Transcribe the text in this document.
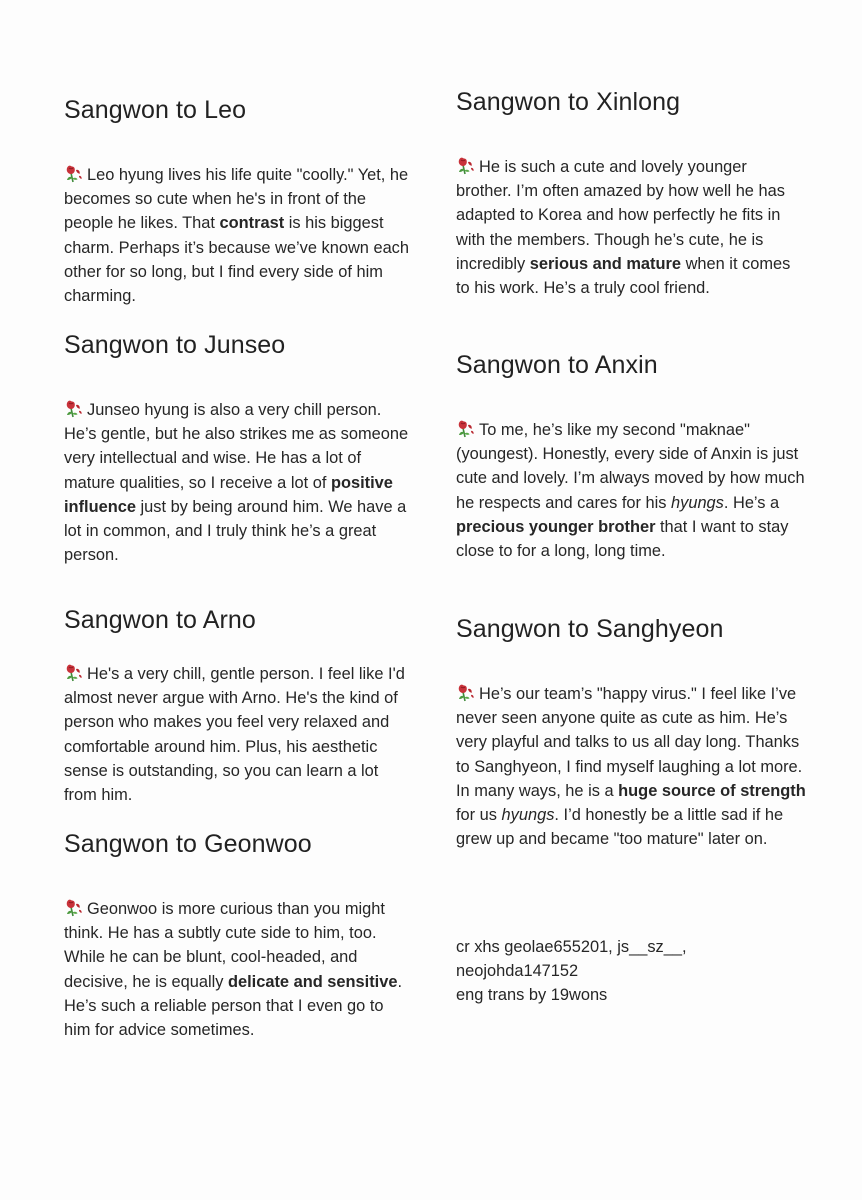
Sangwon to Leo

Leo hyung lives his life quite "coolly." Yet, he becomes so cute when he's in front of the people he likes. That contrast is his biggest charm. Perhaps it’s because we’ve known each other for so long, but I find every side of him charming.

Sangwon to Junseo

Junseo hyung is also a very chill person. He’s gentle, but he also strikes me as someone very intellectual and wise. He has a lot of mature qualities, so I receive a lot of positive influence just by being around him. We have a lot in common, and I truly think he’s a great person.

Sangwon to Arno

He's a very chill, gentle person. I feel like I'd almost never argue with Arno. He's the kind of person who makes you feel very relaxed and comfortable around him. Plus, his aesthetic sense is outstanding, so you can learn a lot from him.

Sangwon to Geonwoo

Geonwoo is more curious than you might think. He has a subtly cute side to him, too. While he can be blunt, cool-headed, and decisive, he is equally delicate and sensitive. He’s such a reliable person that I even go to him for advice sometimes.

Sangwon to Xinlong

He is such a cute and lovely younger brother. I’m often amazed by how well he has adapted to Korea and how perfectly he fits in with the members. Though he’s cute, he is incredibly serious and mature when it comes to his work. He’s a truly cool friend.

Sangwon to Anxin

To me, he’s like my second "maknae" (youngest). Honestly, every side of Anxin is just cute and lovely. I’m always moved by how much he respects and cares for his hyungs. He’s a precious younger brother that I want to stay close to for a long, long time.

Sangwon to Sanghyeon

He’s our team’s "happy virus." I feel like I’ve never seen anyone quite as cute as him. He’s very playful and talks to us all day long. Thanks to Sanghyeon, I find myself laughing a lot more. In many ways, he is a huge source of strength for us hyungs. I’d honestly be a little sad if he grew up and became "too mature" later on.

cr xhs geolae655201, js__sz__,

neojohda147152

eng trans by 19wons
